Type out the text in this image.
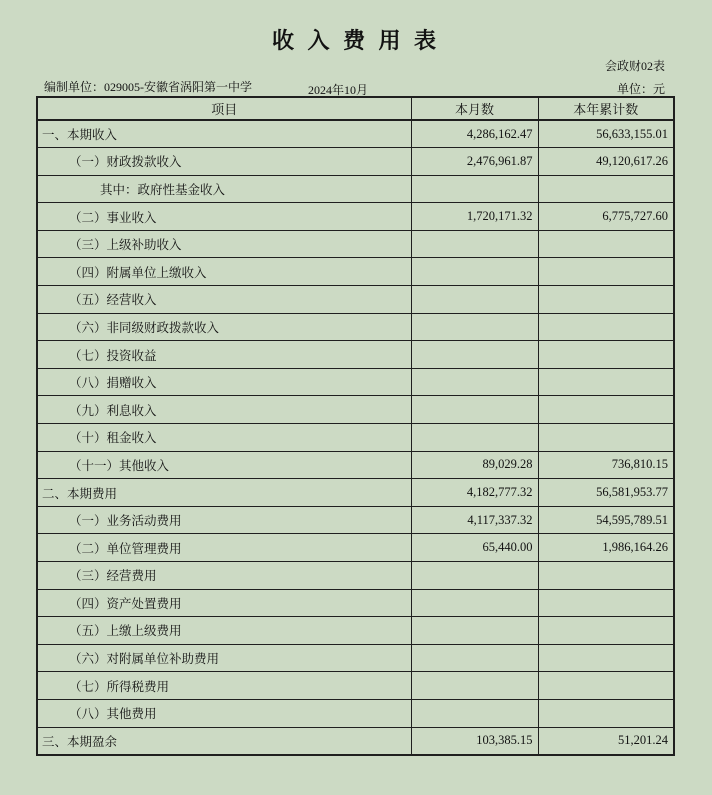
收 入 费 用 表
会政财02表
编制单位：029005-安徽省涡阳第一中学	2024年10月	单位：元
项目	本月数	本年累计数
一、本期收入	4,286,162.47	56,633,155.01
（一）财政拨款收入	2,476,961.87	49,120,617.26
其中：政府性基金收入		
（二）事业收入	1,720,171.32	6,775,727.60
（三）上级补助收入		
（四）附属单位上缴收入		
（五）经营收入		
（六）非同级财政拨款收入		
（七）投资收益		
（八）捐赠收入		
（九）利息收入		
（十）租金收入		
（十一）其他收入	89,029.28	736,810.15
二、本期费用	4,182,777.32	56,581,953.77
（一）业务活动费用	4,117,337.32	54,595,789.51
（二）单位管理费用	65,440.00	1,986,164.26
（三）经营费用		
（四）资产处置费用		
（五）上缴上级费用		
（六）对附属单位补助费用		
（七）所得税费用		
（八）其他费用		
三、本期盈余	103,385.15	51,201.24
